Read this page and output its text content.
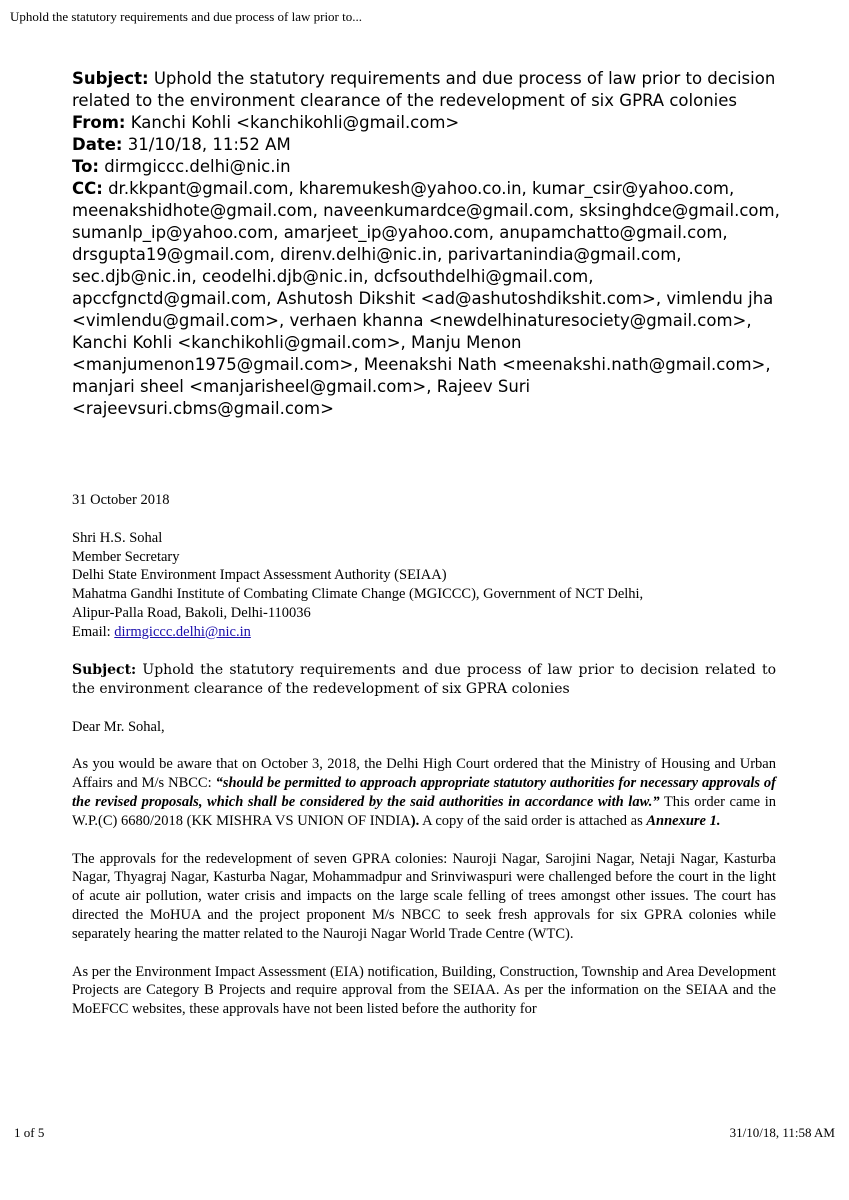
Uphold the statutory requirements and due process of law prior to...
Subject: Uphold the statutory requirements and due process of law prior to decision related to the environment clearance of the redevelopment of six GPRA colonies
From: Kanchi Kohli <kanchikohli@gmail.com>
Date: 31/10/18, 11:52 AM
To: dirmgiccc.delhi@nic.in
CC: dr.kkpant@gmail.com, kharemukesh@yahoo.co.in, kumar_csir@yahoo.com, meenakshidhote@gmail.com, naveenkumardce@gmail.com, sksinghdce@gmail.com, sumanlp_ip@yahoo.com, amarjeet_ip@yahoo.com, anupamchatto@gmail.com, drsgupta19@gmail.com, direnv.delhi@nic.in, parivartanindia@gmail.com, sec.djb@nic.in, ceodelhi.djb@nic.in, dcfsouthdelhi@gmail.com, apccfgnctd@gmail.com, Ashutosh Dikshit <ad@ashutoshdikshit.com>, vimlendu jha <vimlendu@gmail.com>, verhaen khanna <newdelhinaturesociety@gmail.com>, Kanchi Kohli <kanchikohli@gmail.com>, Manju Menon <manjumenon1975@gmail.com>, Meenakshi Nath <meenakshi.nath@gmail.com>, manjari sheel <manjarisheel@gmail.com>, Rajeev Suri <rajeevsuri.cbms@gmail.com>

31 October 2018

Shri H.S. Sohal
Member Secretary
Delhi State Environment Impact Assessment Authority (SEIAA)
Mahatma Gandhi Institute of Combating Climate Change (MGICCC), Government of NCT Delhi,
Alipur-Palla Road, Bakoli, Delhi-110036
Email: dirmgiccc.delhi@nic.in

Subject: Uphold the statutory requirements and due process of law prior to decision related to the environment clearance of the redevelopment of six GPRA colonies

Dear Mr. Sohal,

As you would be aware that on October 3, 2018, the Delhi High Court ordered that the Ministry of Housing and Urban Affairs and M/s NBCC: “should be permitted to approach appropriate statutory authorities for necessary approvals of the revised proposals, which shall be considered by the said authorities in accordance with law.” This order came in W.P.(C) 6680/2018 (KK MISHRA VS UNION OF INDIA). A copy of the said order is attached as Annexure 1.

The approvals for the redevelopment of seven GPRA colonies: Nauroji Nagar, Sarojini Nagar, Netaji Nagar, Kasturba Nagar, Thyagraj Nagar, Kasturba Nagar, Mohammadpur and Srinviwaspuri were challenged before the court in the light of acute air pollution, water crisis and impacts on the large scale felling of trees amongst other issues. The court has directed the MoHUA and the project proponent M/s NBCC to seek fresh approvals for six GPRA colonies while separately hearing the matter related to the Nauroji Nagar World Trade Centre (WTC).

As per the Environment Impact Assessment (EIA) notification, Building, Construction, Township and Area Development Projects are Category B Projects and require approval from the SEIAA. As per the information on the SEIAA and the MoEFCC websites, these approvals have not been listed before the authority for

1 of 5	31/10/18, 11:58 AM
